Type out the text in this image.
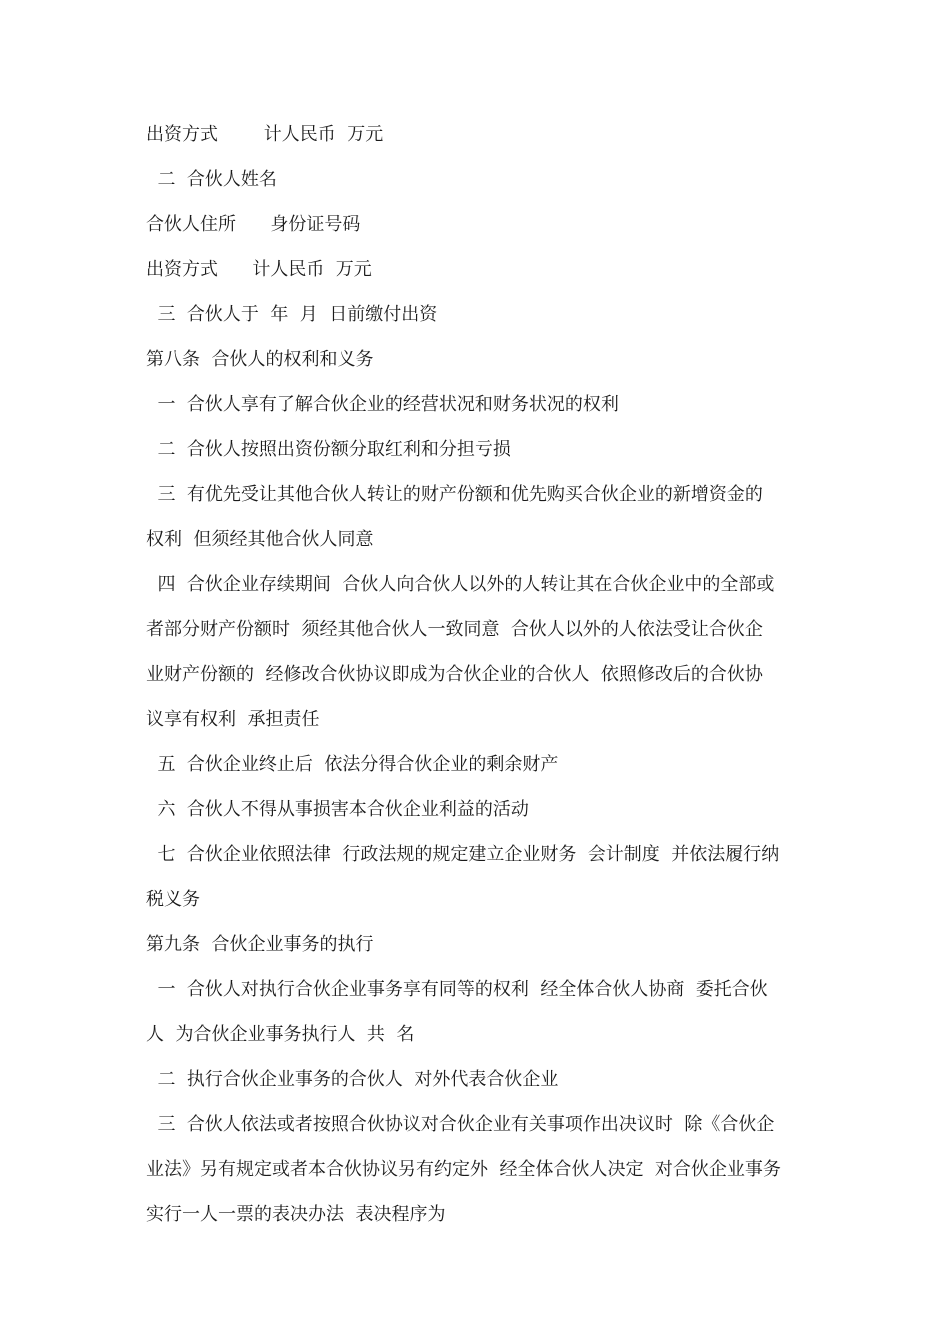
出资方式        计人民币  万元
二  合伙人姓名
合伙人住所      身份证号码
出资方式      计人民币  万元
三  合伙人于  年  月  日前缴付出资
第八条  合伙人的权利和义务
一  合伙人享有了解合伙企业的经营状况和财务状况的权利
二  合伙人按照出资份额分取红利和分担亏损
三  有优先受让其他合伙人转让的财产份额和优先购买合伙企业的新增资金的
权利  但须经其他合伙人同意
四  合伙企业存续期间  合伙人向合伙人以外的人转让其在合伙企业中的全部或
者部分财产份额时  须经其他合伙人一致同意  合伙人以外的人依法受让合伙企
业财产份额的  经修改合伙协议即成为合伙企业的合伙人  依照修改后的合伙协
议享有权利  承担责任
五  合伙企业终止后  依法分得合伙企业的剩余财产
六  合伙人不得从事损害本合伙企业利益的活动
七  合伙企业依照法律  行政法规的规定建立企业财务  会计制度  并依法履行纳
税义务
第九条  合伙企业事务的执行
一  合伙人对执行合伙企业事务享有同等的权利  经全体合伙人协商  委托合伙
人  为合伙企业事务执行人  共  名
二  执行合伙企业事务的合伙人  对外代表合伙企业
三  合伙人依法或者按照合伙协议对合伙企业有关事项作出决议时  除《合伙企
业法》另有规定或者本合伙协议另有约定外  经全体合伙人决定  对合伙企业事务
实行一人一票的表决办法  表决程序为
